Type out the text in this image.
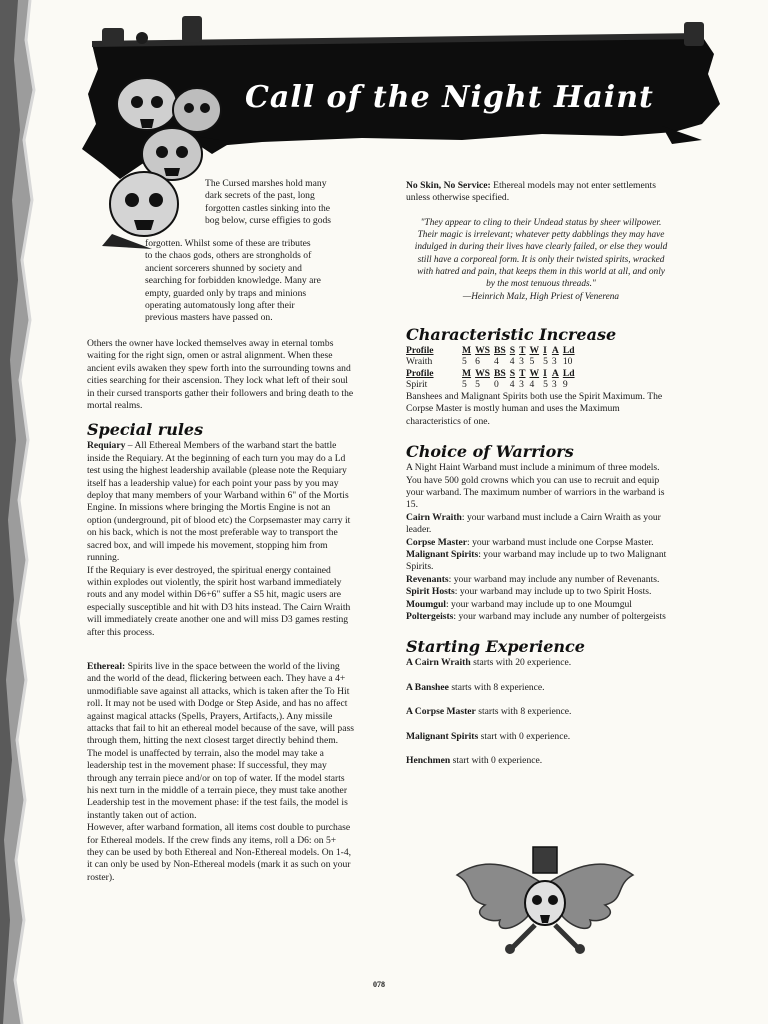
Call of the Night Haint

The Cursed marshes hold many

dark secrets of the past, long

forgotten castles sinking into the

bog below, curse effigies to gods

forgotten. Whilst some of these are tributes

to the chaos gods, others are strongholds of

ancient sorcerers shunned by society and

searching for forbidden knowledge. Many are

empty, guarded only by traps and minions

operating automatously long after their

previous masters have passed on.

Others the owner have locked themselves away in eternal tombs waiting for the right sign, omen or astral alignment. When these ancient evils awaken they spew forth into the surrounding towns and cities searching for their ascension. They lock what left of their soul in their cursed transports gather their followers and bring death to the mortal realms.

Special rules

Requiary – All Ethereal Members of the warband start the battle inside the Requiary. At the beginning of each turn you may do a Ld test using the highest leadership available (please note the Requiary itself has a leadership value) for each point your pass by you may deploy that many members of your Warband within 6" of the Mortis Engine. In missions where bringing the Mortis Engine is not an option (underground, pit of blood etc) the Corpsemaster may carry it on his back, which is not the most preferable way to transport the sacred box, and will impede his movement, stopping him from running.

If the Requiary is ever destroyed, the spiritual energy contained within explodes out violently, the spirit host warband immediately routs and any model within D6+6" suffer a S5 hit, magic users are especially susceptible and hit with D3 hits instead. The Cairn Wraith will immediately create another one and will miss D3 games resting after this process.

Ethereal: Spirits live in the space between the world of the living and the world of the dead, flickering between each. They have a 4+ unmodifiable save against all attacks, which is taken after the To Hit roll. It may not be used with Dodge or Step Aside, and has no affect against magical attacks (Spells, Prayers, Artifacts,). Any missile attacks that fail to hit an ethereal model because of the save, will pass through them, hitting the next closest target directly behind them.

The model is unaffected by terrain, also the model may take a leadership test in the movement phase: If successful, they may through any terrain piece and/or on top of water. If the model starts his next turn in the middle of a terrain piece, they must take another Leadership test in the movement phase: if the test fails, the model is instantly taken out of action.

However, after warband formation, all items cost double to purchase for Ethereal models. If the crew finds any items, roll a D6: on 5+ they can be used by both Ethereal and Non-Ethereal models. On 1-4, it can only be used by Non-Ethereal models (mark it as such on your roster).

No Skin, No Service: Ethereal models may not enter settlements unless otherwise specified.

"They appear to cling to their Undead status by sheer willpower. Their magic is irrelevant; whatever petty dabblings they may have indulged in during their lives have clearly failed, or else they would still have a corporeal form. It is only their twisted spirits, wracked with hatred and pain, that keeps them in this world at all, and only by the most tenuous threads."

—Heinrich Malz, High Priest of Venerena

Characteristic Increase
Profile	M	WS	BS	S	T	W	I	A	Ld
Wraith	5	6	4	4	3	5	5	3	10
Profile	M	WS	BS	S	T	W	I	A	Ld
Spirit	5	5	0	4	3	4	5	3	9

Banshees and Malignant Spirits both use the Spirit Maximum. The Corpse Master is mostly human and uses the Maximum characteristics of one.

Choice of Warriors

A Night Haint Warband must include a minimum of three models. You have 500 gold crowns which you can use to recruit and equip your warband. The maximum number of warriors in the warband is 15.

Cairn Wraith: your warband must include a Cairn Wraith as your leader.

Corpse Master: your warband must include one Corpse Master.

Malignant Spirits: your warband may include up to two Malignant Spirits.

Revenants: your warband may include any number of Revenants.

Spirit Hosts: your warband may include up to two Spirit Hosts.

Moumgul: your warband may include up to one Moumgul

Poltergeists: your warband may include any number of poltergeists

Starting Experience

A Cairn Wraith starts with 20 experience.

A Banshee starts with 8 experience.

A Corpse Master starts with 8 experience.

Malignant Spirits start with 0 experience.

Henchmen start with 0 experience.

078
